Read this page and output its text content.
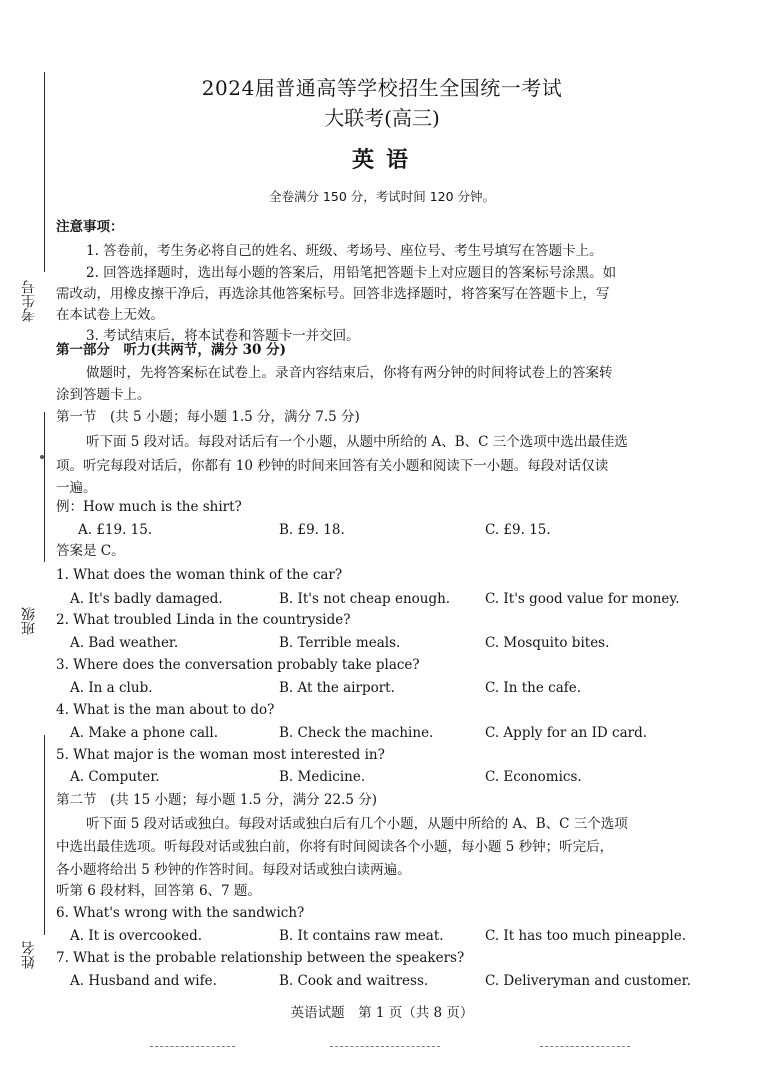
考生号
班级
姓名
2024届普通高等学校招生全国统一考试
大联考(高三)
英语
全卷满分 150 分，考试时间 120 分钟。
注意事项：
1. 答卷前，考生务必将自己的姓名、班级、考场号、座位号、考生号填写在答题卡上。
2. 回答选择题时，选出每小题的答案后，用铅笔把答题卡上对应题目的答案标号涂黑。如
需改动，用橡皮擦干净后，再选涂其他答案标号。回答非选择题时，将答案写在答题卡上，写
在本试卷上无效。
3. 考试结束后，将本试卷和答题卡一并交回。
第一部分　听力(共两节，满分 30 分)
做题时，先将答案标在试卷上。录音内容结束后，你将有两分钟的时间将试卷上的答案转
涂到答题卡上。
第一节　(共 5 小题；每小题 1.5 分，满分 7.5 分)
听下面 5 段对话。每段对话后有一个小题，从题中所给的 A、B、C 三个选项中选出最佳选
项。听完每段对话后，你都有 10 秒钟的时间来回答有关小题和阅读下一小题。每段对话仅读
一遍。
例：How much is the shirt?
A. £19. 15.	B. £9. 18.	C. £9. 15.
答案是 C。
1. What does the woman think of the car?
A. It's badly damaged.	B. It's not cheap enough.	C. It's good value for money.
2. What troubled Linda in the countryside?
A. Bad weather.	B. Terrible meals.	C. Mosquito bites.
3. Where does the conversation probably take place?
A. In a club.	B. At the airport.	C. In the cafe.
4. What is the man about to do?
A. Make a phone call.	B. Check the machine.	C. Apply for an ID card.
5. What major is the woman most interested in?
A. Computer.	B. Medicine.	C. Economics.
第二节　(共 15 小题；每小题 1.5 分，满分 22.5 分)
听下面 5 段对话或独白。每段对话或独白后有几个小题，从题中所给的 A、B、C 三个选项
中选出最佳选项。听每段对话或独白前，你将有时间阅读各个小题，每小题 5 秒钟；听完后，
各小题将给出 5 秒钟的作答时间。每段对话或独白读两遍。
听第 6 段材料，回答第 6、7 题。
6. What's wrong with the sandwich?
A. It is overcooked.	B. It contains raw meat.	C. It has too much pineapple.
7. What is the probable relationship between the speakers?
A. Husband and wife.	B. Cook and waitress.	C. Deliveryman and customer.
英语试题　第 1 页（共 8 页）
